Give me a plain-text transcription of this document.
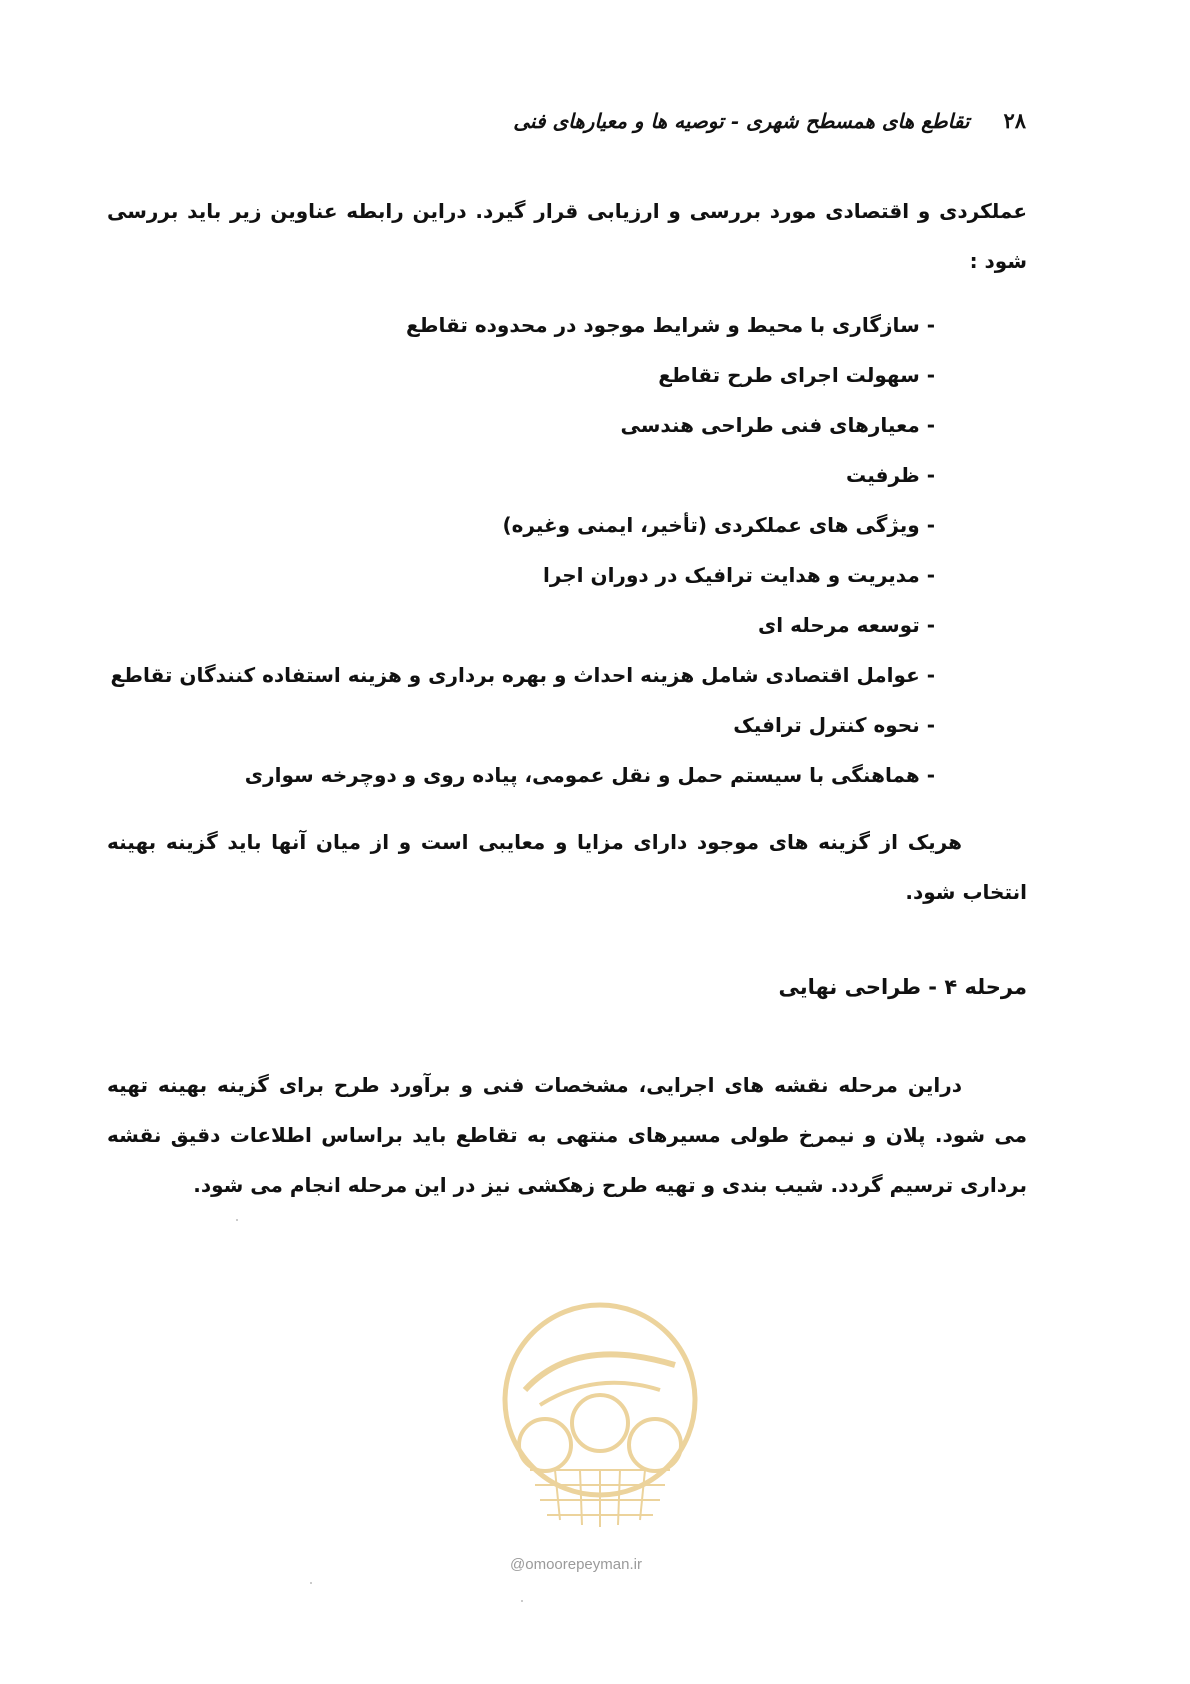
۲۸
تقاطع های همسطح شهری - توصیه ها و معیارهای فنی
عملکردی و اقتصادی مورد بررسی و ارزیابی قرار گیرد. دراین رابطه عناوین زیر باید بررسی شود :
- سازگاری با محیط و شرایط موجود در محدوده تقاطع
- سهولت اجرای طرح تقاطع
- معیارهای فنی طراحی هندسی
- ظرفیت
- ویژگی های عملکردی (تأخیر، ایمنی وغیره)
- مدیریت و هدایت ترافیک در دوران اجرا
- توسعه مرحله ای
- عوامل اقتصادی شامل هزینه احداث و بهره برداری و هزینه استفاده کنندگان تقاطع
- نحوه کنترل ترافیک
- هماهنگی با سیستم حمل و نقل عمومی، پیاده روی و دوچرخه سواری
هریک از گزینه های موجود دارای مزایا و معایبی است و از میان آنها باید گزینه بهینه انتخاب شود.
مرحله ۴ - طراحی نهایی
دراین مرحله نقشه های اجرایی، مشخصات فنی و برآورد طرح برای گزینه بهینه تهیه می شود. پلان و نیمرخ طولی مسیرهای منتهی به تقاطع باید براساس اطلاعات دقیق نقشه برداری ترسیم گردد. شیب بندی و تهیه طرح زهکشی نیز در این مرحله انجام می شود.
@omoorepeyman.ir
